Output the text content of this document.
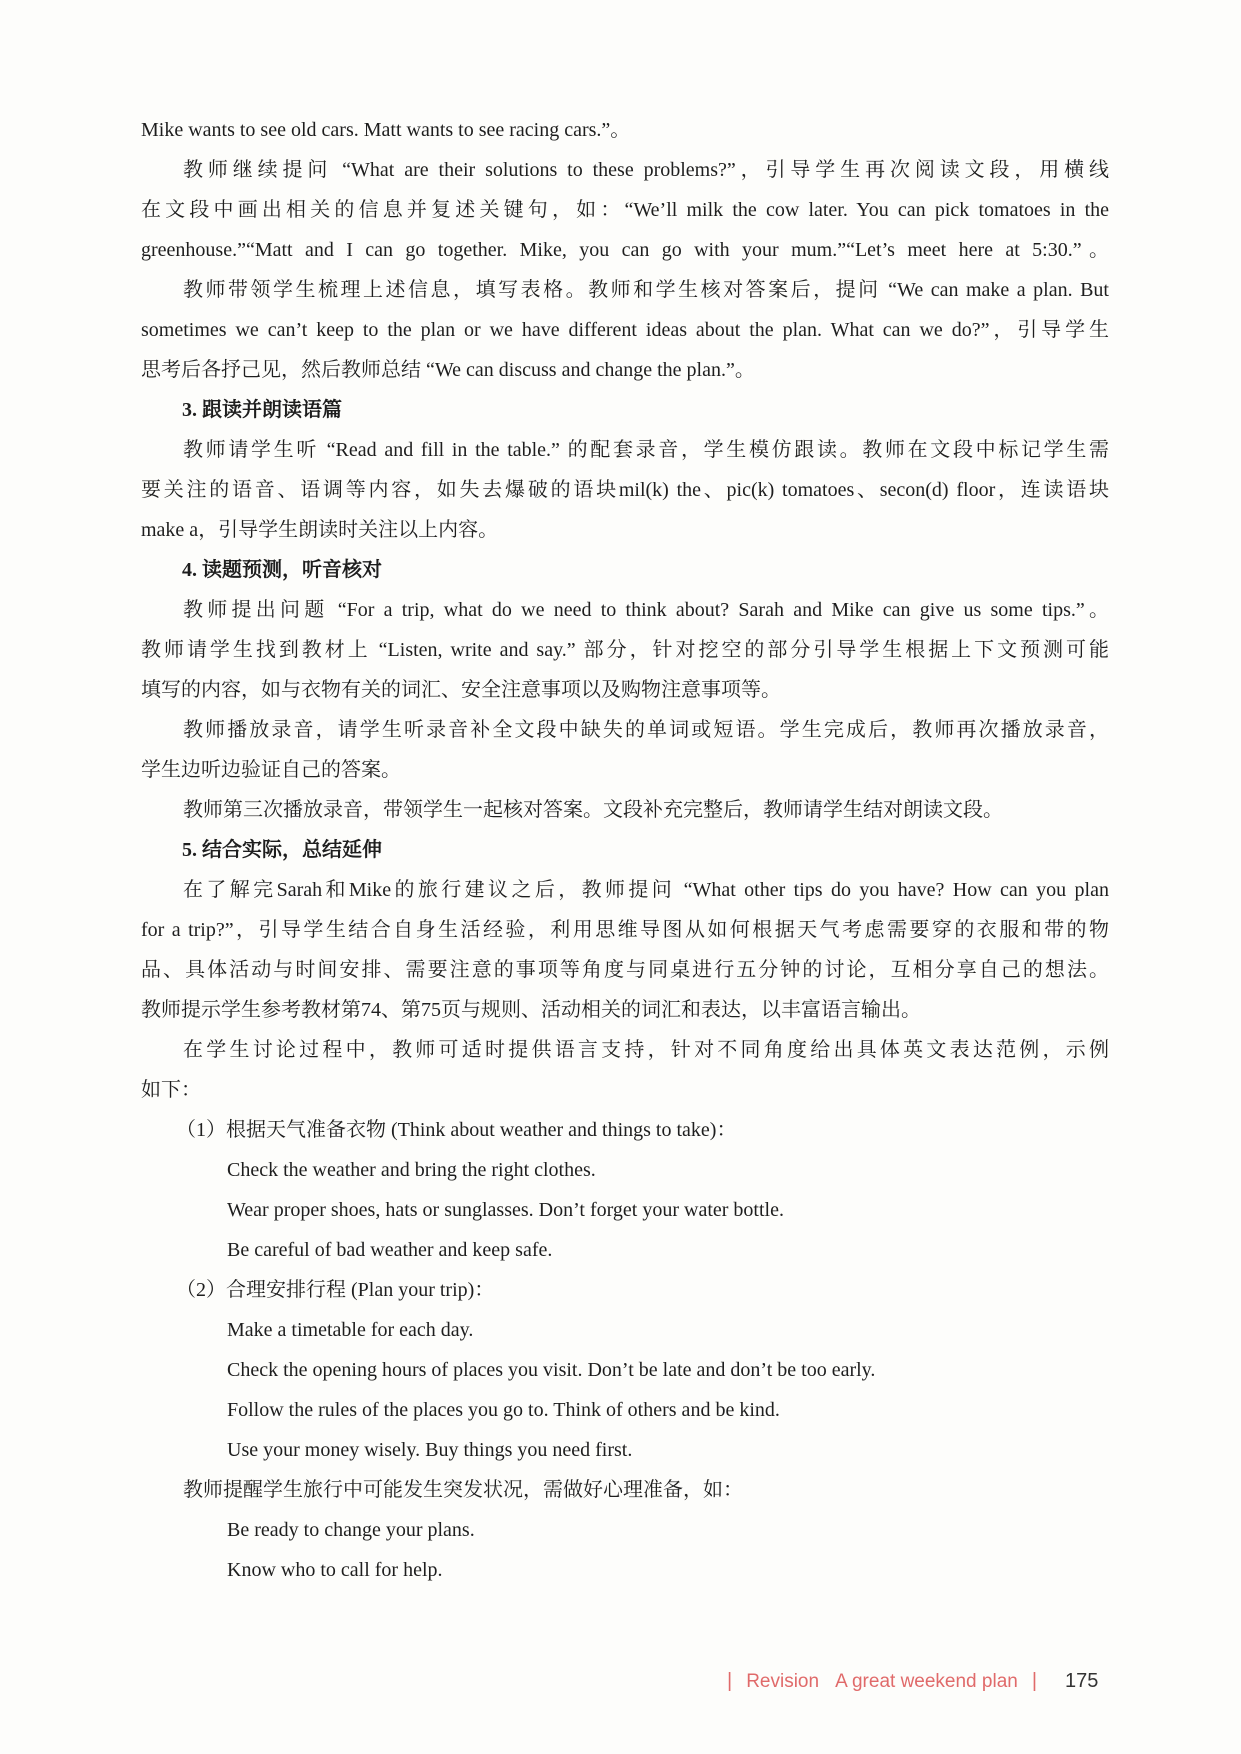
Mike wants to see old cars. Matt wants to see racing cars.”。

教师继续提问 “What are their solutions to these problems?”，引导学生再次阅读文段，用横线

在文段中画出相关的信息并复述关键句，如：“We’ll milk the cow later. You can pick tomatoes in the

greenhouse.”“Matt and I can go together. Mike, you can go with your mum.”“Let’s meet here at 5:30.”。

教师带领学生梳理上述信息，填写表格。教师和学生核对答案后，提问 “We can make a plan. But

sometimes we can’t keep to the plan or we have different ideas about the plan. What can we do?”，引导学生

思考后各抒己见，然后教师总结 “We can discuss and change the plan.”。

3. 跟读并朗读语篇

教师请学生听 “Read and fill in the table.” 的配套录音，学生模仿跟读。教师在文段中标记学生需

要关注的语音、语调等内容，如失去爆破的语块mil(k) the、pic(k) tomatoes、secon(d) floor，连读语块

make a，引导学生朗读时关注以上内容。

4. 读题预测，听音核对

教师提出问题 “For a trip, what do we need to think about? Sarah and Mike can give us some tips.”。

教师请学生找到教材上 “Listen, write and say.” 部分，针对挖空的部分引导学生根据上下文预测可能

填写的内容，如与衣物有关的词汇、安全注意事项以及购物注意事项等。

教师播放录音，请学生听录音补全文段中缺失的单词或短语。学生完成后，教师再次播放录音，

学生边听边验证自己的答案。

教师第三次播放录音，带领学生一起核对答案。文段补充完整后，教师请学生结对朗读文段。

5. 结合实际，总结延伸

在了解完Sarah和Mike的旅行建议之后，教师提问 “What other tips do you have? How can you plan

for a trip?”，引导学生结合自身生活经验，利用思维导图从如何根据天气考虑需要穿的衣服和带的物

品、具体活动与时间安排、需要注意的事项等角度与同桌进行五分钟的讨论，互相分享自己的想法。

教师提示学生参考教材第74、第75页与规则、活动相关的词汇和表达，以丰富语言输出。

在学生讨论过程中，教师可适时提供语言支持，针对不同角度给出具体英文表达范例，示例

如下：

（1）根据天气准备衣物 (Think about weather and things to take)：

Check the weather and bring the right clothes.

Wear proper shoes, hats or sunglasses. Don’t forget your water bottle.

Be careful of bad weather and keep safe.

（2）合理安排行程 (Plan your trip)：

Make a timetable for each day.

Check the opening hours of places you visit. Don’t be late and don’t be too early.

Follow the rules of the places you go to. Think of others and be kind.

Use your money wisely. Buy things you need first.

教师提醒学生旅行中可能发生突发状况，需做好心理准备，如：

Be ready to change your plans.

Know who to call for help.

| Revision A great weekend plan | 175
